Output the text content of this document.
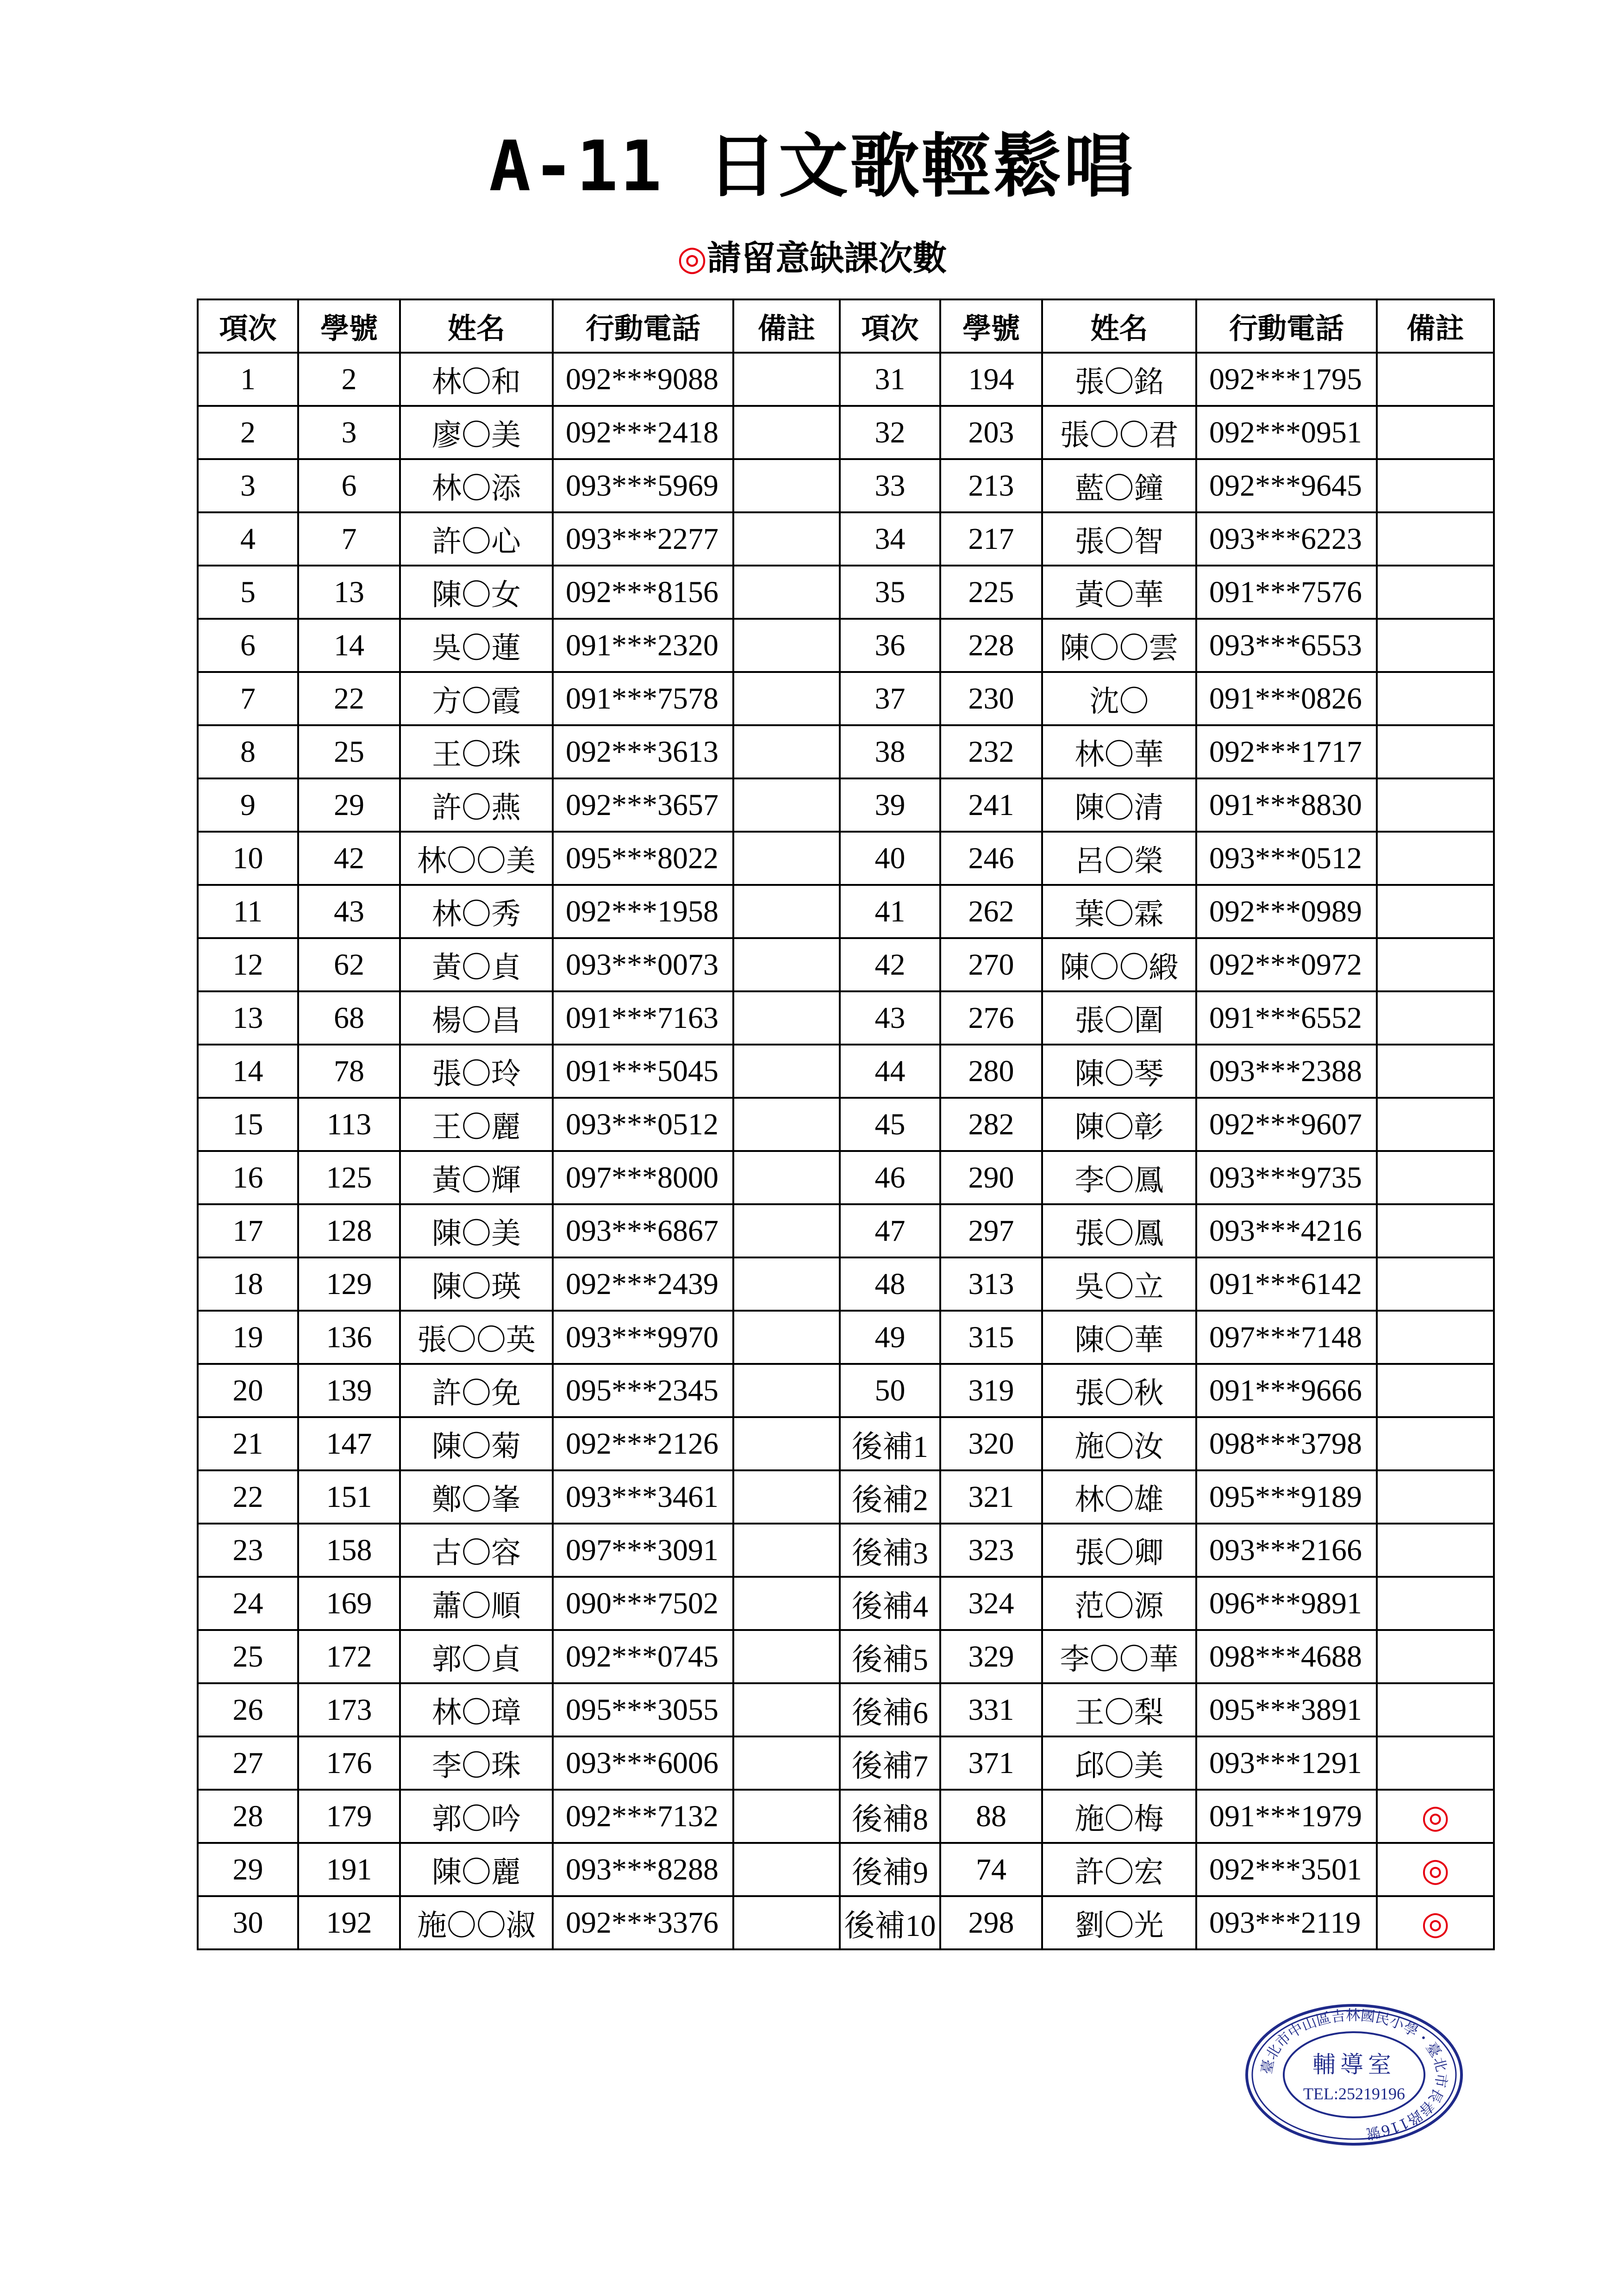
A-11 日文歌輕鬆唱
◎請留意缺課次數
項次	學號	姓名	行動電話	備註	項次	學號	姓名	行動電話	備註
1	2	林〇和	092***9088		31	194	張〇銘	092***1795	
2	3	廖〇美	092***2418		32	203	張〇〇君	092***0951	
3	6	林〇添	093***5969		33	213	藍〇鐘	092***9645	
4	7	許〇心	093***2277		34	217	張〇智	093***6223	
5	13	陳〇女	092***8156		35	225	黃〇華	091***7576	
6	14	吳〇蓮	091***2320		36	228	陳〇〇雲	093***6553	
7	22	方〇霞	091***7578		37	230	沈〇	091***0826	
8	25	王〇珠	092***3613		38	232	林〇華	092***1717	
9	29	許〇燕	092***3657		39	241	陳〇清	091***8830	
10	42	林〇〇美	095***8022		40	246	呂〇榮	093***0512	
11	43	林〇秀	092***1958		41	262	葉〇霖	092***0989	
12	62	黃〇貞	093***0073		42	270	陳〇〇緞	092***0972	
13	68	楊〇昌	091***7163		43	276	張〇圍	091***6552	
14	78	張〇玲	091***5045		44	280	陳〇琴	093***2388	
15	113	王〇麗	093***0512		45	282	陳〇彰	092***9607	
16	125	黃〇輝	097***8000		46	290	李〇鳳	093***9735	
17	128	陳〇美	093***6867		47	297	張〇鳳	093***4216	
18	129	陳〇瑛	092***2439		48	313	吳〇立	091***6142	
19	136	張〇〇英	093***9970		49	315	陳〇華	097***7148	
20	139	許〇免	095***2345		50	319	張〇秋	091***9666	
21	147	陳〇菊	092***2126		後補1	320	施〇汝	098***3798	
22	151	鄭〇峯	093***3461		後補2	321	林〇雄	095***9189	
23	158	古〇容	097***3091		後補3	323	張〇卿	093***2166	
24	169	蕭〇順	090***7502		後補4	324	范〇源	096***9891	
25	172	郭〇貞	092***0745		後補5	329	李〇〇華	098***4688	
26	173	林〇璋	095***3055		後補6	331	王〇梨	095***3891	
27	176	李〇珠	093***6006		後補7	371	邱〇美	093***1291	
28	179	郭〇吟	092***7132		後補8	88	施〇梅	091***1979	◎
29	191	陳〇麗	093***8288		後補9	74	許〇宏	092***3501	◎
30	192	施〇〇淑	092***3376		後補10	298	劉〇光	093***2119	◎
臺北市中山區吉林國民小學・臺北市長春路116號
輔導室
TEL:25219196
